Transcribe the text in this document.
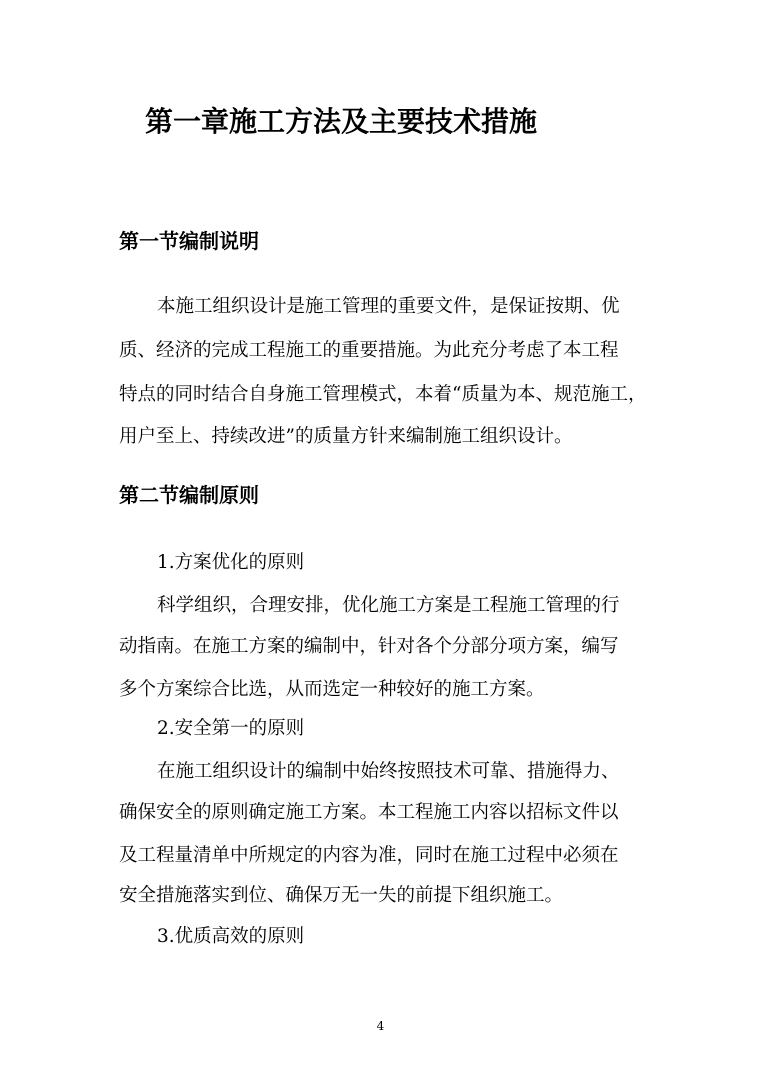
第一章施工方法及主要技术措施
第一节编制说明

本施工组织设计是施工管理的重要文件，是保证按期、优

质、经济的完成工程施工的重要措施。为此充分考虑了本工程

特点的同时结合自身施工管理模式，本着“质量为本、规范施工，

用户至上、持续改进”的质量方针来编制施工组织设计。

第二节编制原则

1.方案优化的原则

科学组织，合理安排，优化施工方案是工程施工管理的行

动指南。在施工方案的编制中，针对各个分部分项方案，编写

多个方案综合比选，从而选定一种较好的施工方案。

2.安全第一的原则

在施工组织设计的编制中始终按照技术可靠、措施得力、

确保安全的原则确定施工方案。本工程施工内容以招标文件以

及工程量清单中所规定的内容为准，同时在施工过程中必须在

安全措施落实到位、确保万无一失的前提下组织施工。

3.优质高效的原则

4
